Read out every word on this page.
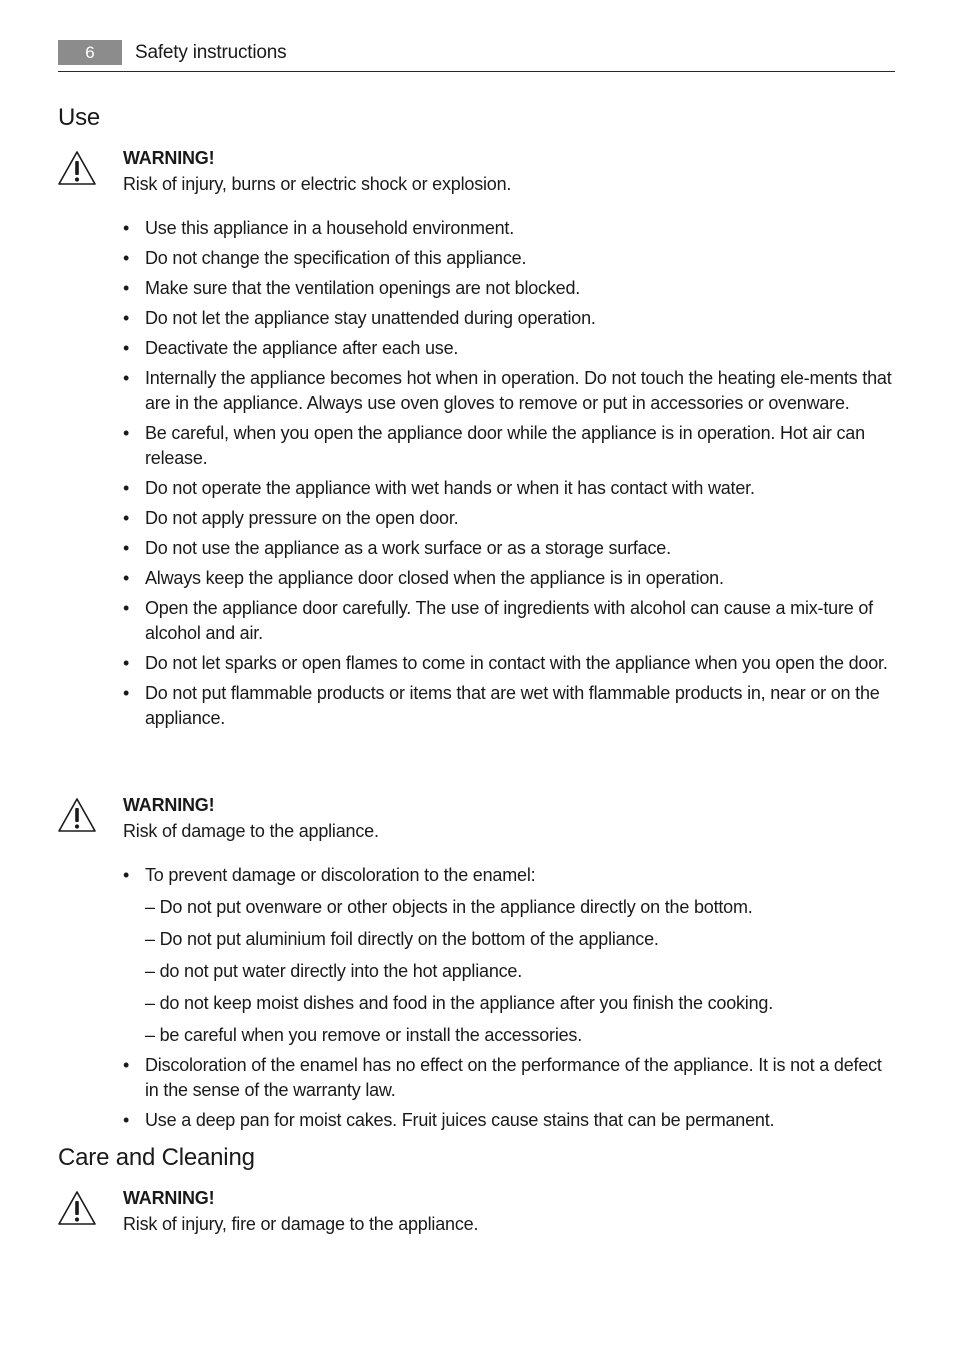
6	Safety instructions
Use
WARNING!
Risk of injury, burns or electric shock or explosion.
• Use this appliance in a household environment.
• Do not change the specification of this appliance.
• Make sure that the ventilation openings are not blocked.
• Do not let the appliance stay unattended during operation.
• Deactivate the appliance after each use.
• Internally the appliance becomes hot when in operation. Do not touch the heating ele-ments that are in the appliance. Always use oven gloves to remove or put in accessories or ovenware.
• Be careful, when you open the appliance door while the appliance is in operation. Hot air can release.
• Do not operate the appliance with wet hands or when it has contact with water.
• Do not apply pressure on the open door.
• Do not use the appliance as a work surface or as a storage surface.
• Always keep the appliance door closed when the appliance is in operation.
• Open the appliance door carefully. The use of ingredients with alcohol can cause a mix-ture of alcohol and air.
• Do not let sparks or open flames to come in contact with the appliance when you open the door.
• Do not put flammable products or items that are wet with flammable products in, near or on the appliance.
WARNING!
Risk of damage to the appliance.
• To prevent damage or discoloration to the enamel:
– Do not put ovenware or other objects in the appliance directly on the bottom.
– Do not put aluminium foil directly on the bottom of the appliance.
– do not put water directly into the hot appliance.
– do not keep moist dishes and food in the appliance after you finish the cooking.
– be careful when you remove or install the accessories.
• Discoloration of the enamel has no effect on the performance of the appliance. It is not a defect in the sense of the warranty law.
• Use a deep pan for moist cakes. Fruit juices cause stains that can be permanent.
Care and Cleaning
WARNING!
Risk of injury, fire or damage to the appliance.
